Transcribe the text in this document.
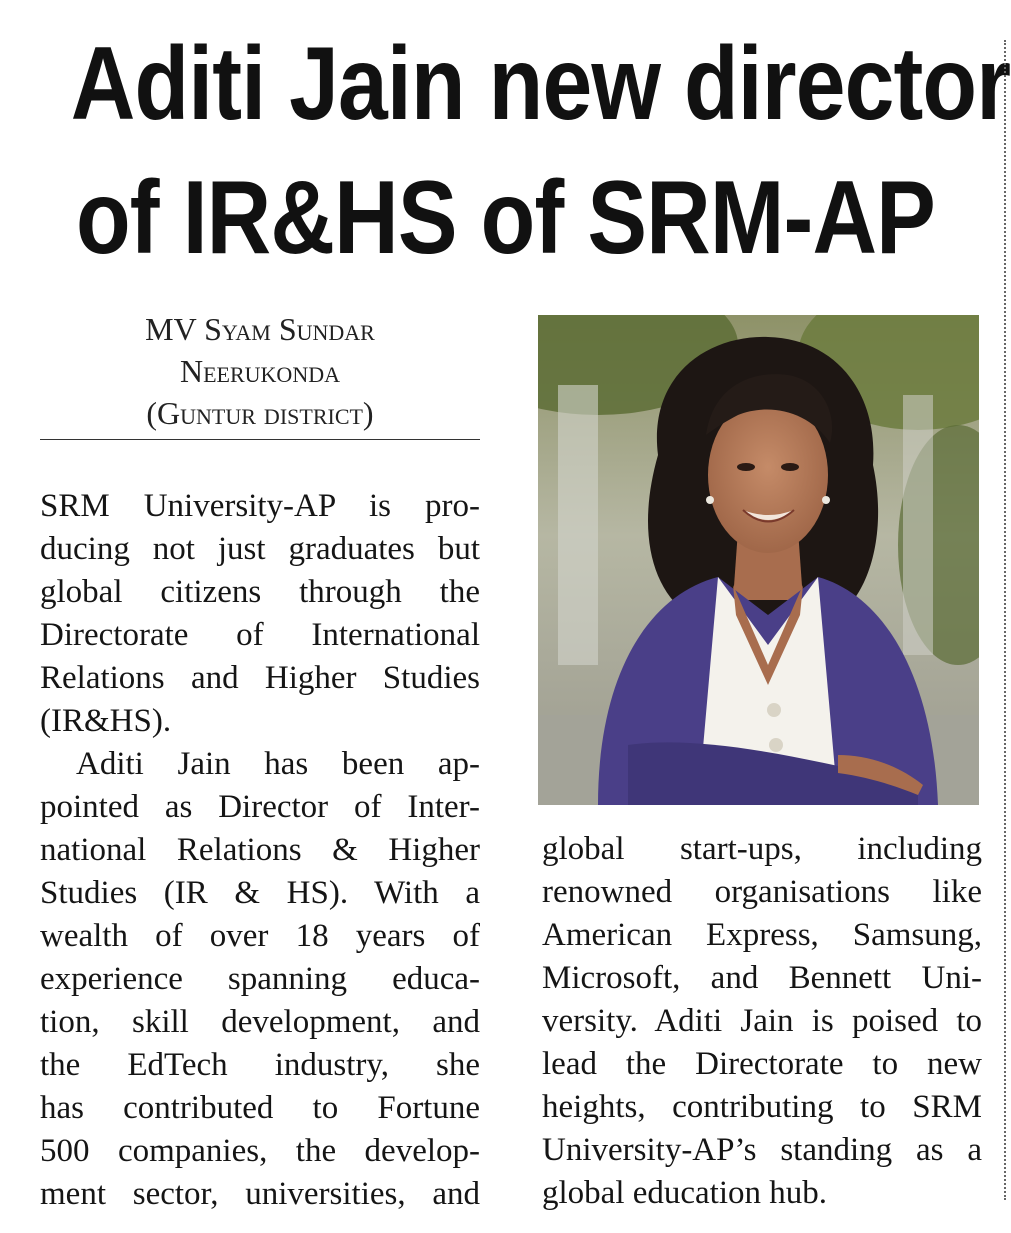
Aditi Jain new director
of IR&HS of SRM-AP
MV Syam Sundar
Neerukonda
(Guntur district)
SRM University-AP is pro-
ducing not just graduates but
global citizens through the
Directorate of International
Relations and Higher Studies
(IR&HS).
Aditi Jain has been ap-
pointed as Director of Inter-
national Relations & Higher
Studies (IR & HS). With a
wealth of over 18 years of
experience spanning educa-
tion, skill development, and
the EdTech industry, she
has contributed to Fortune
500 companies, the develop-
ment sector, universities, and
global start-ups, including
renowned organisations like
American Express, Samsung,
Microsoft, and Bennett Uni-
versity. Aditi Jain is poised to
lead the Directorate to new
heights, contributing to SRM
University-AP’s standing as a
global education hub.
